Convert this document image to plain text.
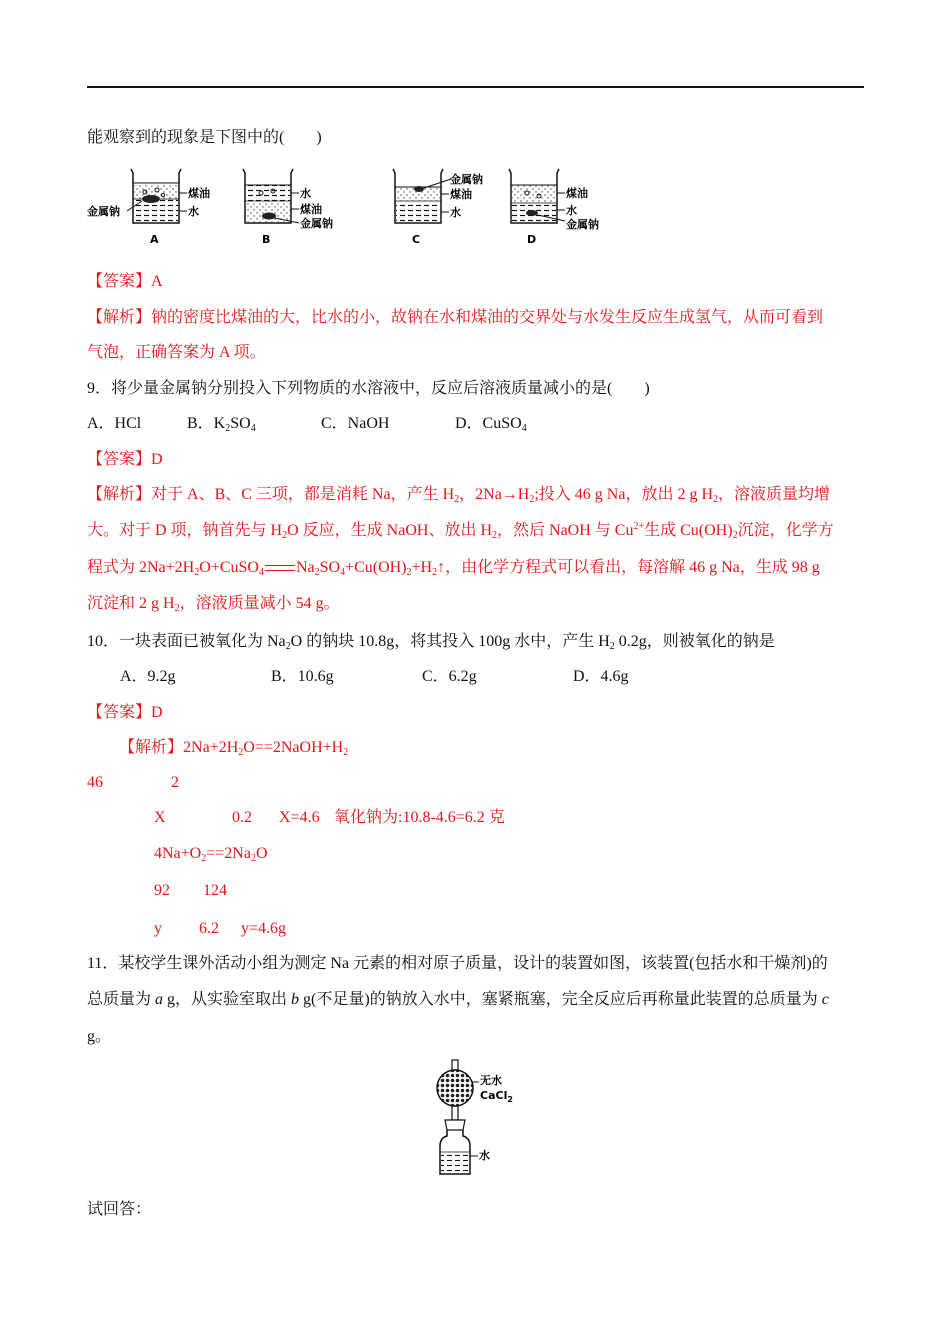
能观察到的现象是下图中的(　　)
煤油
水
金属钠
A
水
煤油
金属钠
B
金属钠
煤油
水
C
煤油
水
金属钠
D
【答案】A
【解析】钠的密度比煤油的大，比水的小，故钠在水和煤油的交界处与水发生反应生成氢气，从而可看到
气泡，正确答案为 A 项。
9．将少量金属钠分别投入下列物质的水溶液中，反应后溶液质量减小的是(　　)
A．HCl	B．$K_2SO_4$	C．NaOH	D．CuSO$_4$
【答案】D
【解析】对于 A、B、C 三项，都是消耗 Na，产生 $H_2$，$2Na\to H_2$;投入 46 g Na，放出 2 g $H_2$，溶液质量均增
大。对于 D 项，钠首先与 $H_2O$ 反应，生成 NaOH、放出 $H_2$，然后 NaOH 与 $Cu^{2+}$生成 $Cu(OH)_2$沉淀，化学方
程式为 $2Na+2H_2O+CuSO_4$ $Na_2SO_4+Cu(OH)_2+H_2↑$，由化学方程式可以看出，每溶解 46 g Na，生成 98 g
沉淀和 2 g $H_2$，溶液质量减小 54 g。
10．一块表面已被氧化为 $Na_2O$ 的钠块 10.8g，将其投入 100g 水中，产生 $H_2$ 0.2g，则被氧化的钠是
A．9.2g	B．10.6g	C．6.2g	D．4.6g
【答案】D
【解析】$2Na+2H_2O==2NaOH+H_2$
46	2
X	0.2 X=4.6 氧化钠为:10.8-4.6=6.2 克
$4Na+O_2==2Na_2O$
92 124
y 6.2 y=4.6g
11．某校学生课外活动小组为测定 Na 元素的相对原子质量，设计的装置如图，该装置(包括水和干燥剂)的
总质量为 a g，从实验室取出 b g(不足量)的钠放入水中，塞紧瓶塞，完全反应后再称量此装置的总质量为 c
g。
无水
CaCl$_2$
水
试回答：
